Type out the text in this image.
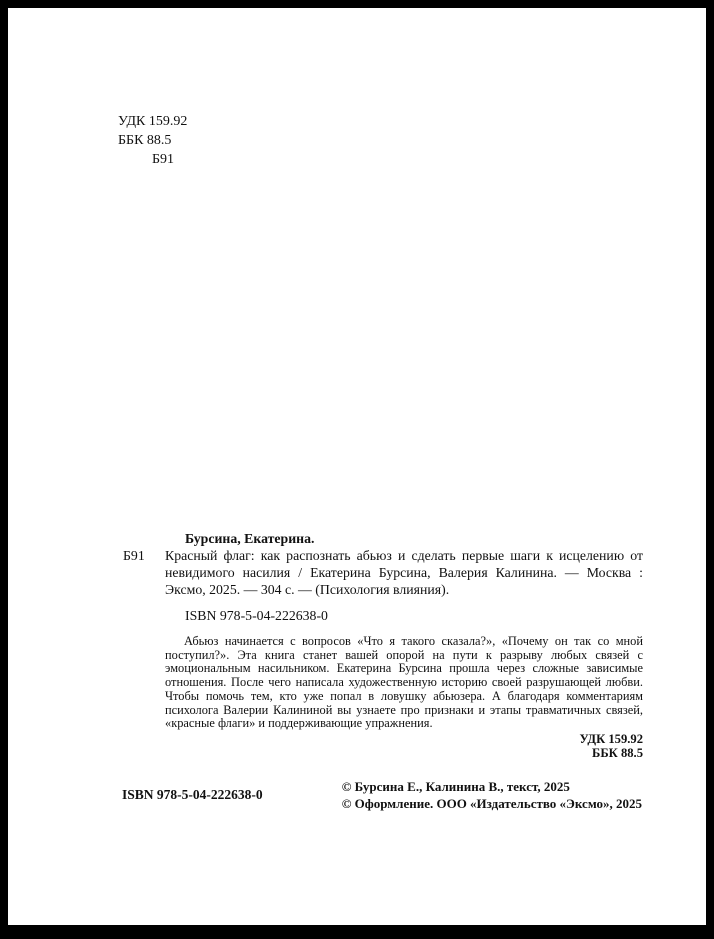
УДК 159.92
ББК 88.5
Б91
Бурсина, Екатерина.
Б91 Красный флаг: как распознать абьюз и сделать первые шаги к исцелению от невидимого насилия / Екатерина Бурсина, Валерия Калинина. — Москва : Эксмо, 2025. — 304 с. — (Психология влияния).
ISBN 978-5-04-222638-0
Абьюз начинается с вопросов «Что я такого сказала?», «Почему он так со мной поступил?». Эта книга станет вашей опорой на пути к разрыву любых связей с эмоциональным насильником. Екатерина Бурсина прошла через сложные зависимые отношения. После чего написала художественную историю своей разрушающей любви. Чтобы помочь тем, кто уже попал в ловушку абьюзера. А благодаря комментариям психолога Валерии Калининой вы узнаете про признаки и этапы травматичных связей, «красные флаги» и поддерживающие упражнения.
УДК 159.92
ББК 88.5
ISBN 978-5-04-222638-0
© Бурсина Е., Калинина В., текст, 2025
© Оформление. ООО «Издательство «Эксмо», 2025
